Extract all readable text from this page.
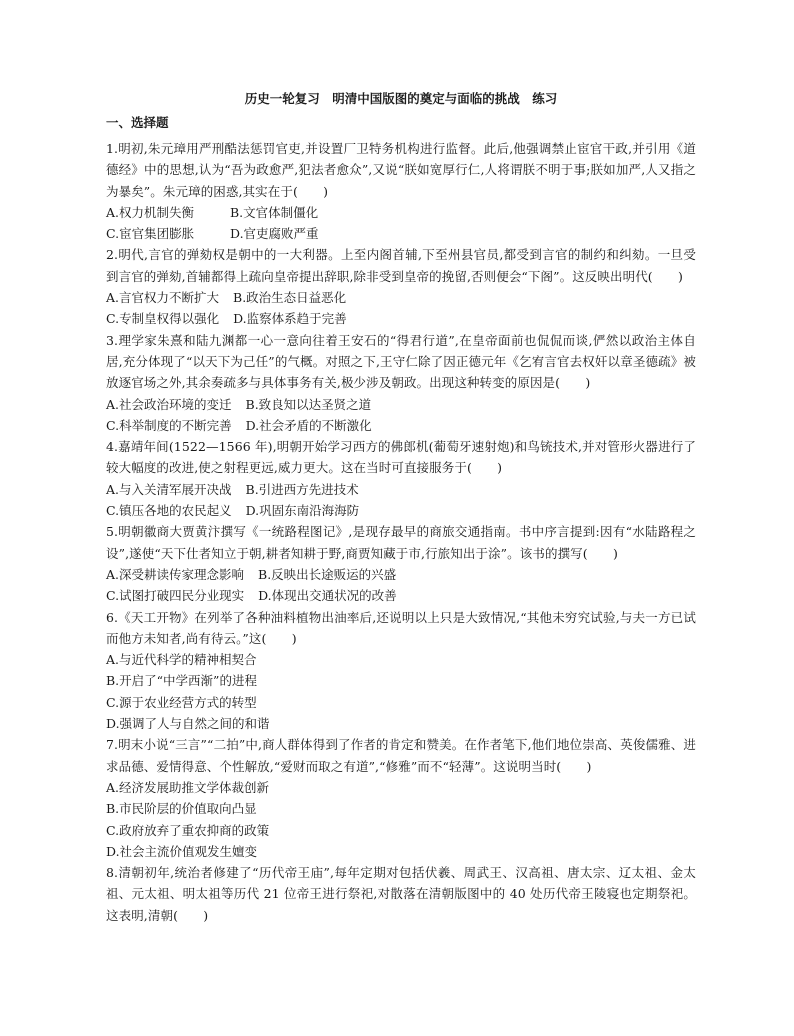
历史一轮复习　明清中国版图的奠定与面临的挑战　练习
一、选择题

1.明初,朱元璋用严刑酷法惩罚官吏,并设置厂卫特务机构进行监督。此后,他强调禁止宦官干政,并引用《道德经》中的思想,认为“吾为政愈严,犯法者愈众”,又说“朕如宽厚行仁,人将谓朕不明于事;朕如加严,人又指之为暴矣”。朱元璋的困惑,其实在于(　　)

A.权力机制失衡	B.文官体制僵化
C.宦官集团膨胀	D.官吏腐败严重

2.明代,言官的弹劾权是朝中的一大利器。上至内阁首辅,下至州县官员,都受到言官的制约和纠劾。一旦受到言官的弹劾,首辅都得上疏向皇帝提出辞职,除非受到皇帝的挽留,否则便会“下阁”。这反映出明代(　　)

A.言官权力不断扩大 B.政治生态日益恶化
C.专制皇权得以强化 D.监察体系趋于完善

3.理学家朱熹和陆九渊都一心一意向往着王安石的“得君行道”,在皇帝面前也侃侃而谈,俨然以政治主体自居,充分体现了“以天下为己任”的气概。对照之下,王守仁除了因正德元年《乞宥言官去权奸以章圣德疏》被放逐官场之外,其余奏疏多与具体事务有关,极少涉及朝政。出现这种转变的原因是(　　)

A.社会政治环境的变迁 B.致良知以达圣贤之道
C.科举制度的不断完善 D.社会矛盾的不断激化

4.嘉靖年间(1522—1566 年),明朝开始学习西方的佛郎机(葡萄牙速射炮)和鸟铳技术,并对管形火器进行了较大幅度的改进,使之射程更远,威力更大。这在当时可直接服务于(　　)

A.与入关清军展开决战 B.引进西方先进技术
C.镇压各地的农民起义 D.巩固东南沿海海防

5.明朝徽商大贾黄汴撰写《一统路程图记》,是现存最早的商旅交通指南。书中序言提到:因有“水陆路程之设”,遂使“天下仕者知立于朝,耕者知耕于野,商贾知藏于市,行旅知出于涂”。该书的撰写(　　)

A.深受耕读传家理念影响 B.反映出长途贩运的兴盛
C.试图打破四民分业现实 D.体现出交通状况的改善

6.《天工开物》在列举了各种油料植物出油率后,还说明以上只是大致情况,“其他未穷究试验,与夫一方已试而他方未知者,尚有待云。”这(　　)

A.与近代科学的精神相契合
B.开启了“中学西渐”的进程
C.源于农业经营方式的转型
D.强调了人与自然之间的和谐

7.明末小说“三言”“二拍”中,商人群体得到了作者的肯定和赞美。在作者笔下,他们地位崇高、英俊儒雅、进求品德、爱情得意、个性解放,“爱财而取之有道”,“修雅”而不“轻薄”。这说明当时(　　)

A.经济发展助推文学体裁创新
B.市民阶层的价值取向凸显
C.政府放弃了重农抑商的政策
D.社会主流价值观发生嬗变

8.清朝初年,统治者修建了“历代帝王庙”,每年定期对包括伏羲、周武王、汉高祖、唐太宗、辽太祖、金太祖、元太祖、明太祖等历代 21 位帝王进行祭祀,对散落在清朝版图中的 40 处历代帝王陵寝也定期祭祀。这表明,清朝(　　)
